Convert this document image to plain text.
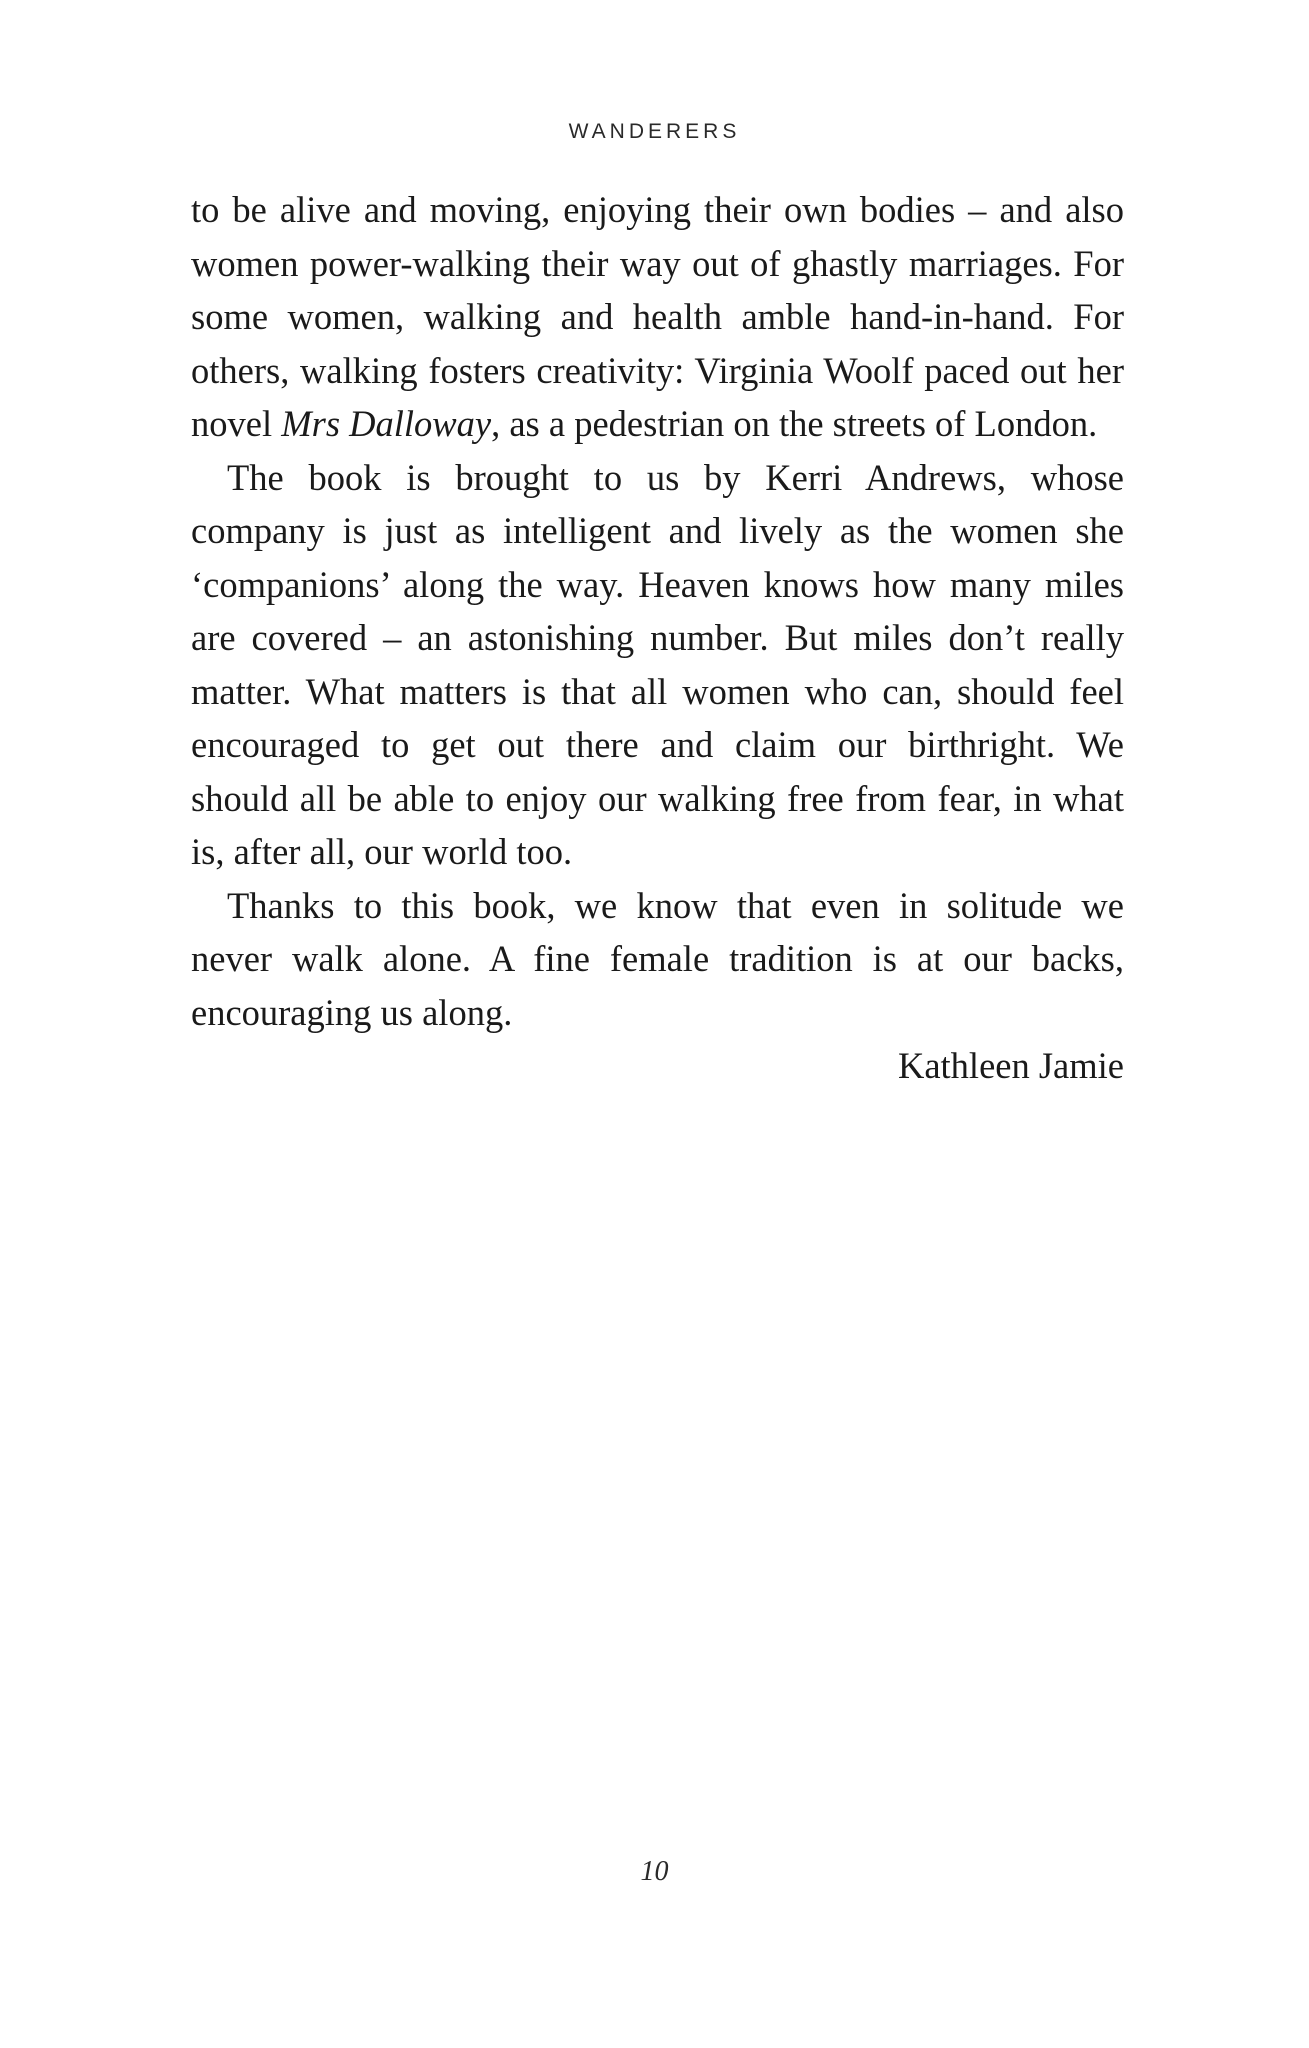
WANDERERS
to be alive and moving, enjoying their own bodies – and also
women power-walking their way out of ghastly marriages. For
some women, walking and health amble hand-in-hand. For
others, walking fosters creativity: Virginia Woolf paced out her
novel Mrs Dalloway, as a pedestrian on the streets of London.
The book is brought to us by Kerri Andrews, whose
company is just as intelligent and lively as the women she
‘companions’ along the way. Heaven knows how many miles
are covered – an astonishing number. But miles don’t really
matter. What matters is that all women who can, should feel
encouraged to get out there and claim our birthright. We
should all be able to enjoy our walking free from fear, in what
is, after all, our world too.
Thanks to this book, we know that even in solitude we
never walk alone. A fine female tradition is at our backs,
encouraging us along.
Kathleen Jamie
10
